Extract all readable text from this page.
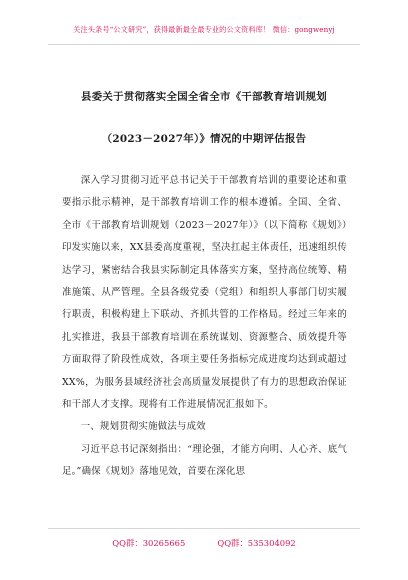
关注头条号“公文研究”，获得最新最全最专业的公文资料库！ 微信：gongwenyj
县委关于贯彻落实全国全省全市《干部教育培训规划
（2023－2027年）》情况的中期评估报告

深入学习贯彻习近平总书记关于干部教育培训的重要论述和重要指示批示精神，是干部教育培训工作的根本遵循。全国、全省、全市《干部教育培训规划（2023－2027年）》（以下简称《规划》）印发实施以来，XX县委高度重视，坚决扛起主体责任，迅速组织传达学习，紧密结合我县实际制定具体落实方案，坚持高位统筹、精准施策、从严管理。全县各级党委（党组）和组织人事部门切实履行职责，积极构建上下联动、齐抓共管的工作格局。经过三年来的扎实推进，我县干部教育培训在系统谋划、资源整合、质效提升等方面取得了阶段性成效，各项主要任务指标完成进度均达到或超过XX%，为服务县域经济社会高质量发展提供了有力的思想政治保证和干部人才支撑。现将有工作进展情况汇报如下。

一、规划贯彻实施做法与成效

习近平总书记深刻指出：“理论强，才能方向明、人心齐、底气足。”确保《规划》落地见效，首要在深化思

QQ群：30265665	QQ群：535304092
